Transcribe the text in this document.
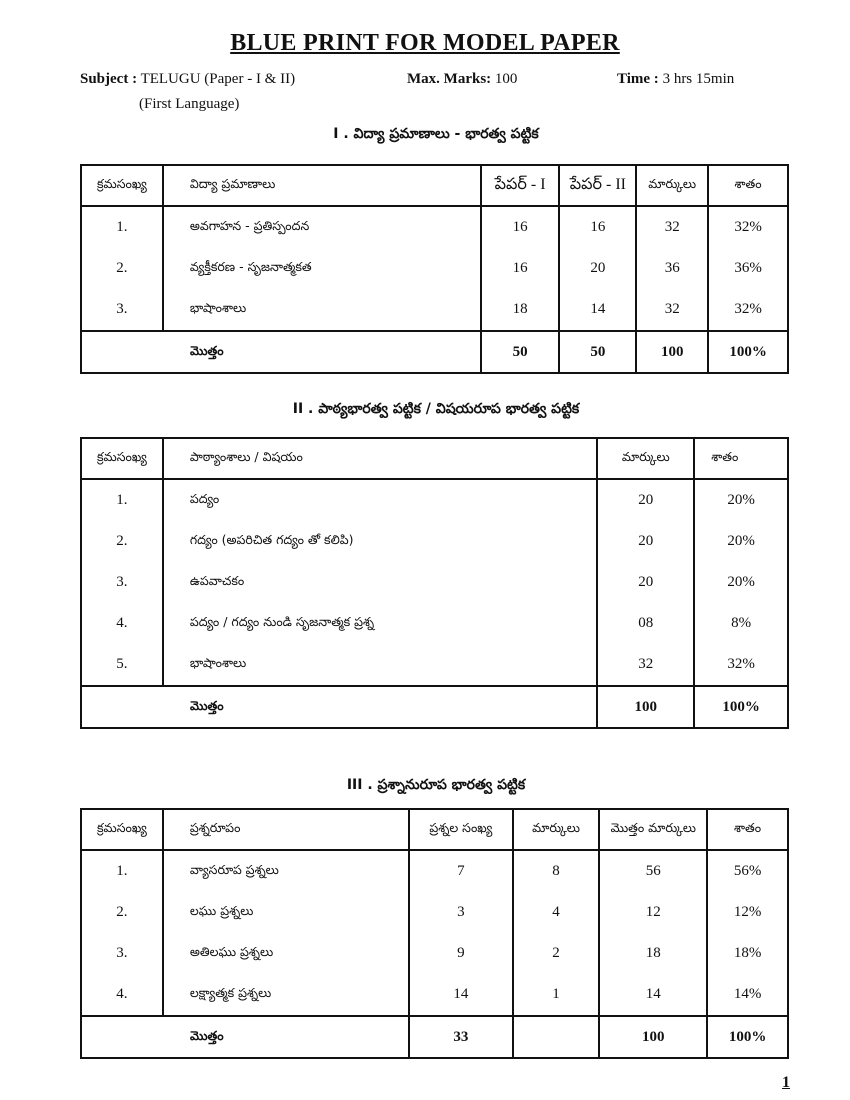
BLUE PRINT FOR MODEL PAPER
Subject : TELUGU (Paper - I & II)
(First Language)
Max. Marks: 100	Time : 3 hrs 15min
I . విద్యా ప్రమాణాలు - భారత్వ పట్టిక
క్రమసంఖ్య	విద్యా ప్రమాణాలు	పేపర్ - I	పేపర్ - II	మార్కులు	శాతం
1.	అవగాహన - ప్రతిస్పందన	16	16	32	32%
2.	వ్యక్తీకరణ - సృజనాత్మకత	16	20	36	36%
3.	భాషాంశాలు	18	14	32	32%
మొత్తం		50	50	100	100%
II . పాఠ్యభారత్వ పట్టిక / విషయరూప భారత్వ పట్టిక
క్రమసంఖ్య	పాఠ్యాంశాలు / విషయం	మార్కులు	శాతం
1.	పద్యం	20	20%
2.	గద్యం (అపరిచిత గద్యం తో కలిపి)	20	20%
3.	ఉపవాచకం	20	20%
4.	పద్యం / గద్యం నుండి సృజనాత్మక ప్రశ్న	08	8%
5.	భాషాంశాలు	32	32%
మొత్తం		100	100%
III . ప్రశ్నానురూప భారత్వ పట్టిక
క్రమసంఖ్య	ప్రశ్నరూపం	ప్రశ్నల సంఖ్య	మార్కులు	మొత్తం మార్కులు	శాతం
1.	వ్యాసరూప ప్రశ్నలు	7	8	56	56%
2.	లఘు ప్రశ్నలు	3	4	12	12%
3.	అతిలఘు ప్రశ్నలు	9	2	18	18%
4.	లక్ష్యాత్మక ప్రశ్నలు	14	1	14	14%
మొత్తం		33		100	100%
1
